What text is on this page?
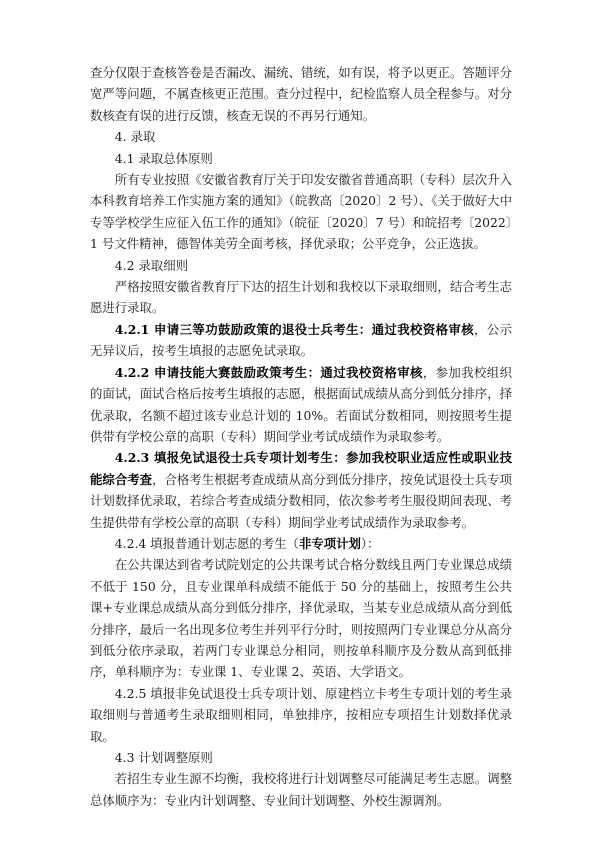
查分仅限于查核答卷是否漏改、漏统、错统，如有误，将予以更正。答题评分宽严等问题，不属查核更正范围。查分过程中，纪检监察人员全程参与。对分数核查有误的进行反馈，核查无误的不再另行通知。

4. 录取

4.1 录取总体原则

所有专业按照《安徽省教育厅关于印发安徽省普通高职（专科）层次升入本科教育培养工作实施方案的通知》（皖教高〔2020〕2 号）、《关于做好大中专等学校学生应征入伍工作的通知》（皖征〔2020〕7 号）和皖招考〔2022〕1 号文件精神，德智体美劳全面考核，择优录取；公平竞争，公正选拔。

4.2 录取细则

严格按照安徽省教育厅下达的招生计划和我校以下录取细则，结合考生志愿进行录取。

4.2.1 申请三等功鼓励政策的退役士兵考生：通过我校资格审核，公示无异议后，按考生填报的志愿免试录取。

4.2.2 申请技能大赛鼓励政策考生：通过我校资格审核，参加我校组织的面试，面试合格后按考生填报的志愿，根据面试成绩从高分到低分排序，择优录取，名额不超过该专业总计划的 10%。若面试分数相同，则按照考生提供带有学校公章的高职（专科）期间学业考试成绩作为录取参考。

4.2.3 填报免试退役士兵专项计划考生：参加我校职业适应性或职业技能综合考查，合格考生根据考查成绩从高分到低分排序，按免试退役士兵专项计划数择优录取，若综合考查成绩分数相同，依次参考考生服役期间表现、考生提供带有学校公章的高职（专科）期间学业考试成绩作为录取参考。

4.2.4 填报普通计划志愿的考生（非专项计划）：

在公共课达到省考试院划定的公共课考试合格分数线且两门专业课总成绩不低于 150 分，且专业课单科成绩不能低于 50 分的基础上，按照考生公共课+专业课总成绩从高分到低分排序，择优录取，当某专业总成绩从高分到低分排序，最后一名出现多位考生并列平行分时，则按照两门专业课总分从高分到低分依序录取，若两门专业课总分相同，则按单科顺序及分数从高到低排序，单科顺序为：专业课 1、专业课 2、英语、大学语文。

4.2.5 填报非免试退役士兵专项计划、原建档立卡考生专项计划的考生录取细则与普通考生录取细则相同，单独排序，按相应专项招生计划数择优录取。

4.3 计划调整原则

若招生专业生源不均衡，我校将进行计划调整尽可能满足考生志愿。调整总体顺序为：专业内计划调整、专业间计划调整、外校生源调剂。
